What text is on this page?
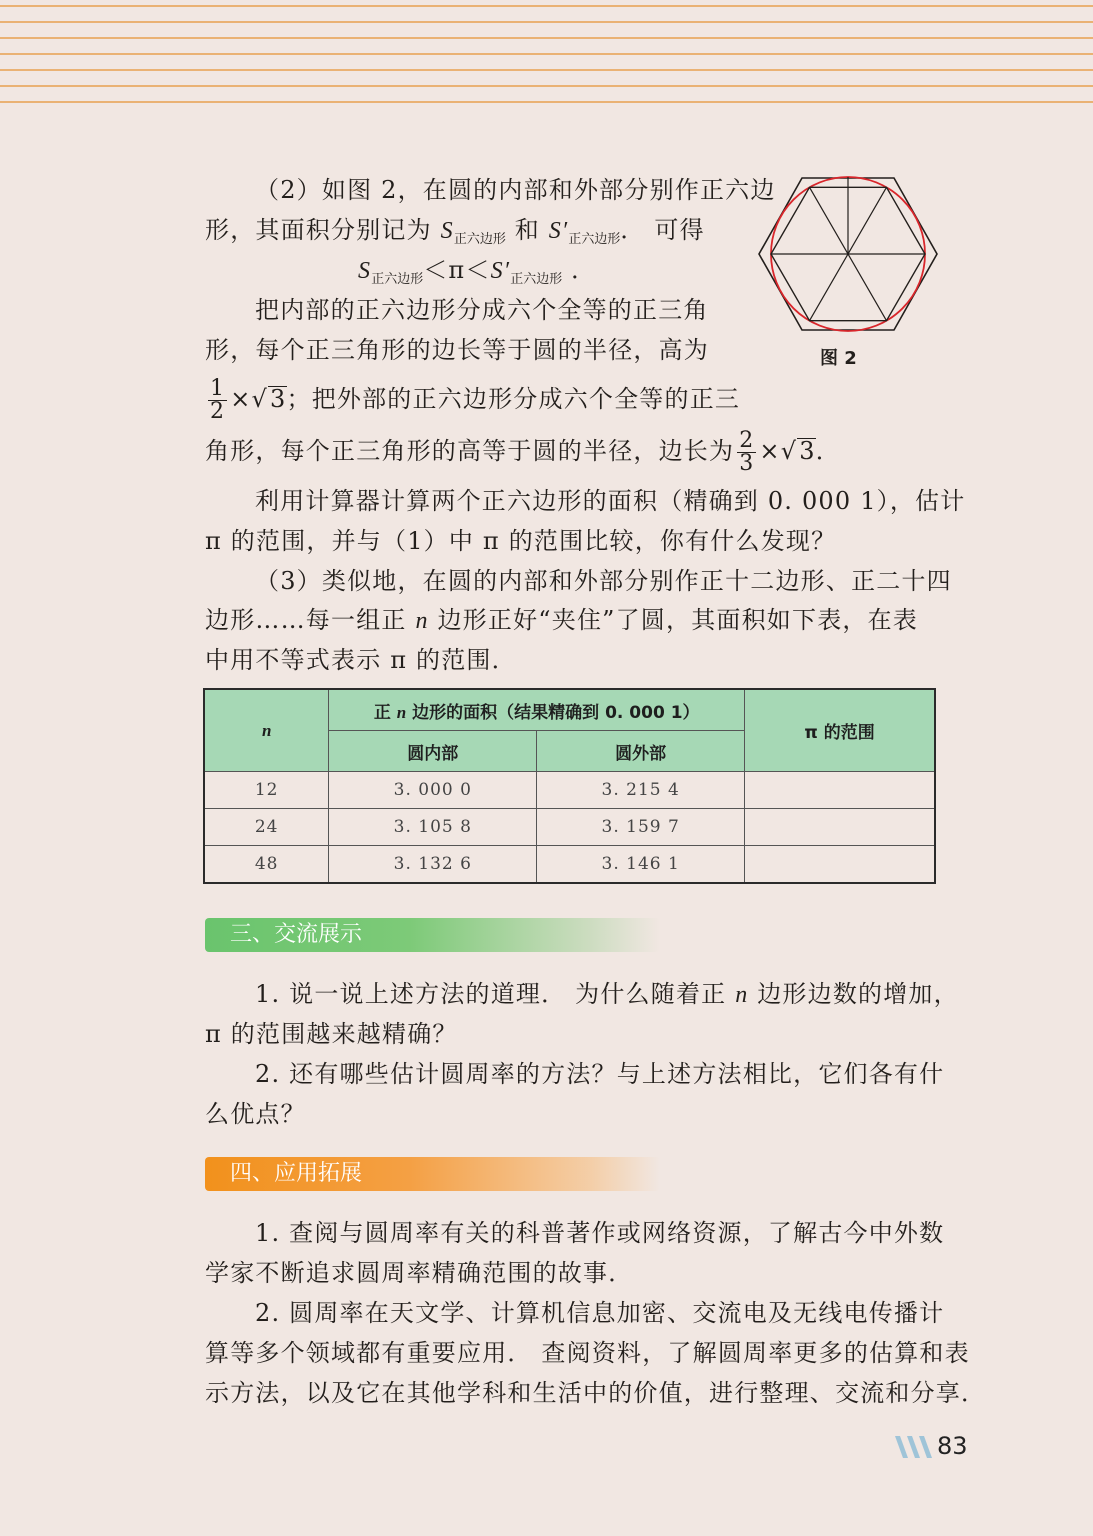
（2）如图 2，在圆的内部和外部分别作正六边

形，其面积分别记为 $S_{正六边形}$ 和 $S'_{正六边形}$． 可得

$S_{正六边形}<\pi<S'_{正六边形}$ ．

把内部的正六边形分成六个全等的正三角

形，每个正三角形的边长等于圆的半径，高为

$\frac{1}{2} \times√3$；把外部的正六边形分成六个全等的正三

角形，每个正三角形的高等于圆的半径，边长为 $\frac{2}{3} \times√3$．

利用计算器计算两个正六边形的面积（精确到 0. 000 1），估计

π 的范围，并与（1）中 π 的范围比较，你有什么发现？

（3）类似地，在圆的内部和外部分别作正十二边形、正二十四

边形……每一组正 n 边形正好“夹住”了圆，其面积如下表，在表

中用不等式表示 π 的范围．

1. 说一说上述方法的道理． 为什么随着正 n 边形边数的增加，

π 的范围越来越精确？

2. 还有哪些估计圆周率的方法？与上述方法相比，它们各有什

么优点？

1. 查阅与圆周率有关的科普著作或网络资源，了解古今中外数

学家不断追求圆周率精确范围的故事．

2. 圆周率在天文学、计算机信息加密、交流电及无线电传播计

算等多个领域都有重要应用． 查阅资料，了解圆周率更多的估算和表

示方法，以及它在其他学科和生活中的价值，进行整理、交流和分享．

图 2
n	正 n 边形的面积（结果精确到 0. 000 1）		π 的范围
	圆内部	圆外部	
12	3. 000 0	3. 215 4	
24	3. 105 8	3. 159 7	
48	3. 132 6	3. 146 1	
三、交流展示
四、应用拓展
83
